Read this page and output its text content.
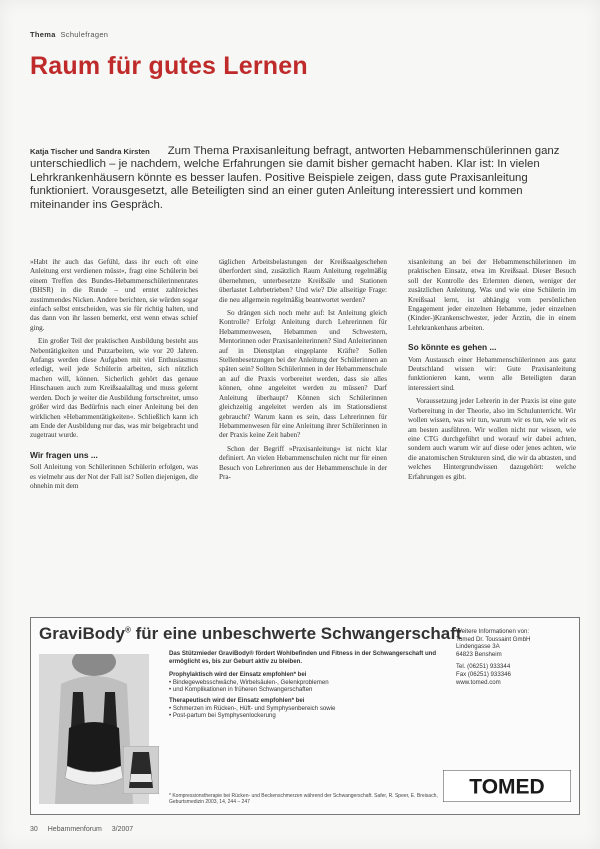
Thema Schulefragen
Raum für gutes Lernen

Katja Tischer und Sandra Kirsten Zum Thema Praxisanleitung befragt, antworten Hebammenschülerinnen ganz unterschiedlich – je nachdem, welche Erfahrungen sie damit bisher gemacht haben. Klar ist: In vielen Lehrkrankenhäusern könnte es besser laufen. Positive Beispiele zeigen, dass gute Praxisanleitung funktioniert. Vorausgesetzt, alle Beteiligten sind an einer guten Anleitung interessiert und kommen miteinander ins Gespräch.

»Habt ihr auch das Gefühl, dass ihr euch oft eine Anleitung erst verdienen müsst«, fragt eine Schülerin bei einem Treffen des Bundes-Hebammenschülerinnenrates (BHSR) in die Runde – und erntet zahlreiches zustimmendes Nicken. Andere berichten, sie würden sogar einfach selbst entscheiden, was sie für richtig halten, und das dann von ihr lassen bemerkt, erst wenn etwas schief ging.

Ein großer Teil der praktischen Ausbildung besteht aus Nebentätigkeiten und Putzarbeiten, wie vor 20 Jahren. Anfangs werden diese Aufgaben mit viel Enthusiasmus erledigt, weil jede Schülerin arbeiten, sich nützlich machen will, können. Sicherlich gehört das genaue Hinschauen auch zum Kreißsaalalltag und muss gelernt werden. Doch je weiter die Ausbildung fortschreitet, umso größer wird das Bedürfnis nach einer Anleitung bei den wirklichen »Hebammentätigkeiten«. Schließlich kann ich am Ende der Ausbildung nur das, was mir beigebracht und zugetraut wurde.

Wir fragen uns ...

Soll Anleitung von Schülerinnen Schülerin erfolgen, was es vielmehr aus der Not der Fall ist? Sollen diejenigen, die ohnehin mit dem

täglichen Arbeitsbelastungen der Kreißsaalgeschehen überfordert sind, zusätzlich Raum Anleitung regelmäßig übernehmen, unterbesetzte Kreißsäle und Stationen überlastet Lehrbetrieben? Und wie? Die allseitige Frage: die neu allgemein regelmäßig beantwortet werden?

So drängen sich noch mehr auf: Ist Anleitung gleich Kontrolle? Erfolgt Anleitung durch Lehrerinnen für Hebammenwesen, Hebammen und Schwestern, Mentorinnen oder Praxisanleiterinnen? Sind Anleiterinnen auf in Dienstplan eingeplante Kräfte? Sollen Stellenbesetzungen bei der Anleitung der Schülerinnen an späten sein? Sollten Schülerinnen in der Hebammenschule an auf die Praxis vorbereitet werden, dass sie alles können, ohne angeleitet werden zu müssen? Darf Anleitung überhaupt? Können sich Schülerinnen gleichzeitig angeleitet werden als im Stationsdienst gebraucht? Warum kann es sein, dass Lehrerinnen für Hebammenwesen für eine Anleitung ihrer Schülerinnen in der Praxis keine Zeit haben?

Schon der Begriff »Praxisanleitung« ist nicht klar definiert. An vielen Hebammenschulen nicht nur für einen Besuch von Lehrerinnen aus der Hebammenschule in der Pra-

xisanleitung an bei der Hebammenschülerinnen im praktischen Einsatz, etwa im Kreißsaal. Dieser Besuch soll der Kontrolle des Erlernten dienen, weniger der zusätzlichen Anleitung. Was und wie eine Schülerin im Kreißsaal lernt, ist abhängig vom persönlichen Engagement jeder einzelnen Hebamme, jeder einzelnen (Kinder-)Krankenschwester, jeder Ärztin, die in einem Lehrkrankenhaus arbeiten.

So könnte es gehen ...

Vom Austausch einer Hebammenschülerinnen aus ganz Deutschland wissen wir: Gute Praxisanleitung funktionieren kann, wenn alle Beteiligten daran interessiert sind.

Voraussetzung jeder Lehrerin in der Praxis ist eine gute Vorbereitung in der Theorie, also im Schulunterricht. Wir wollen wissen, was wir tun, warum wir es tun, wie wir es am besten ausführen. Wir wollen nicht nur wissen, wie eine CTG durchgeführt und worauf wir dabei achten, sondern auch warum wir auf diese oder jenes achten, wie die anatomischen Strukturen sind, die wir da abtasten, und welches Hintergrundwissen dazugehört: welche Erfahrungen es gibt.

GraviBody® für eine unbeschwerte Schwangerschaft

Das Stützmieder GraviBody® fördert Wohlbefinden und Fitness in der Schwangerschaft und ermöglicht es, bis zur Geburt aktiv zu bleiben.

Prophylaktisch wird der Einsatz empfohlen* bei
• Bindegewebsschwäche, Wirbelsäulen-, Gelenkproblemen
• und Komplikationen in früheren Schwangerschaften
Therapeutisch wird der Einsatz empfohlen* bei
• Schmerzen im Rücken-, Hüft- und Symphysenbereich sowie
• Post-partum bei Symphysenlockerung
* Kompressionstherapie bei Rücken- und Beckenschmerzen während der Schwangerschaft. Safer, R. Speer, E. Breisach, Geburtsmedizin 2003, 14, 244 – 247
Weitere Informationen von:
Tomed Dr. Toussaint GmbH
Lindengasse 3A
64823 Bensheim
Tel. (06251) 933344
Fax (06251) 933346
www.tomed.com
TOMED
30 Hebammenforum 3/2007
